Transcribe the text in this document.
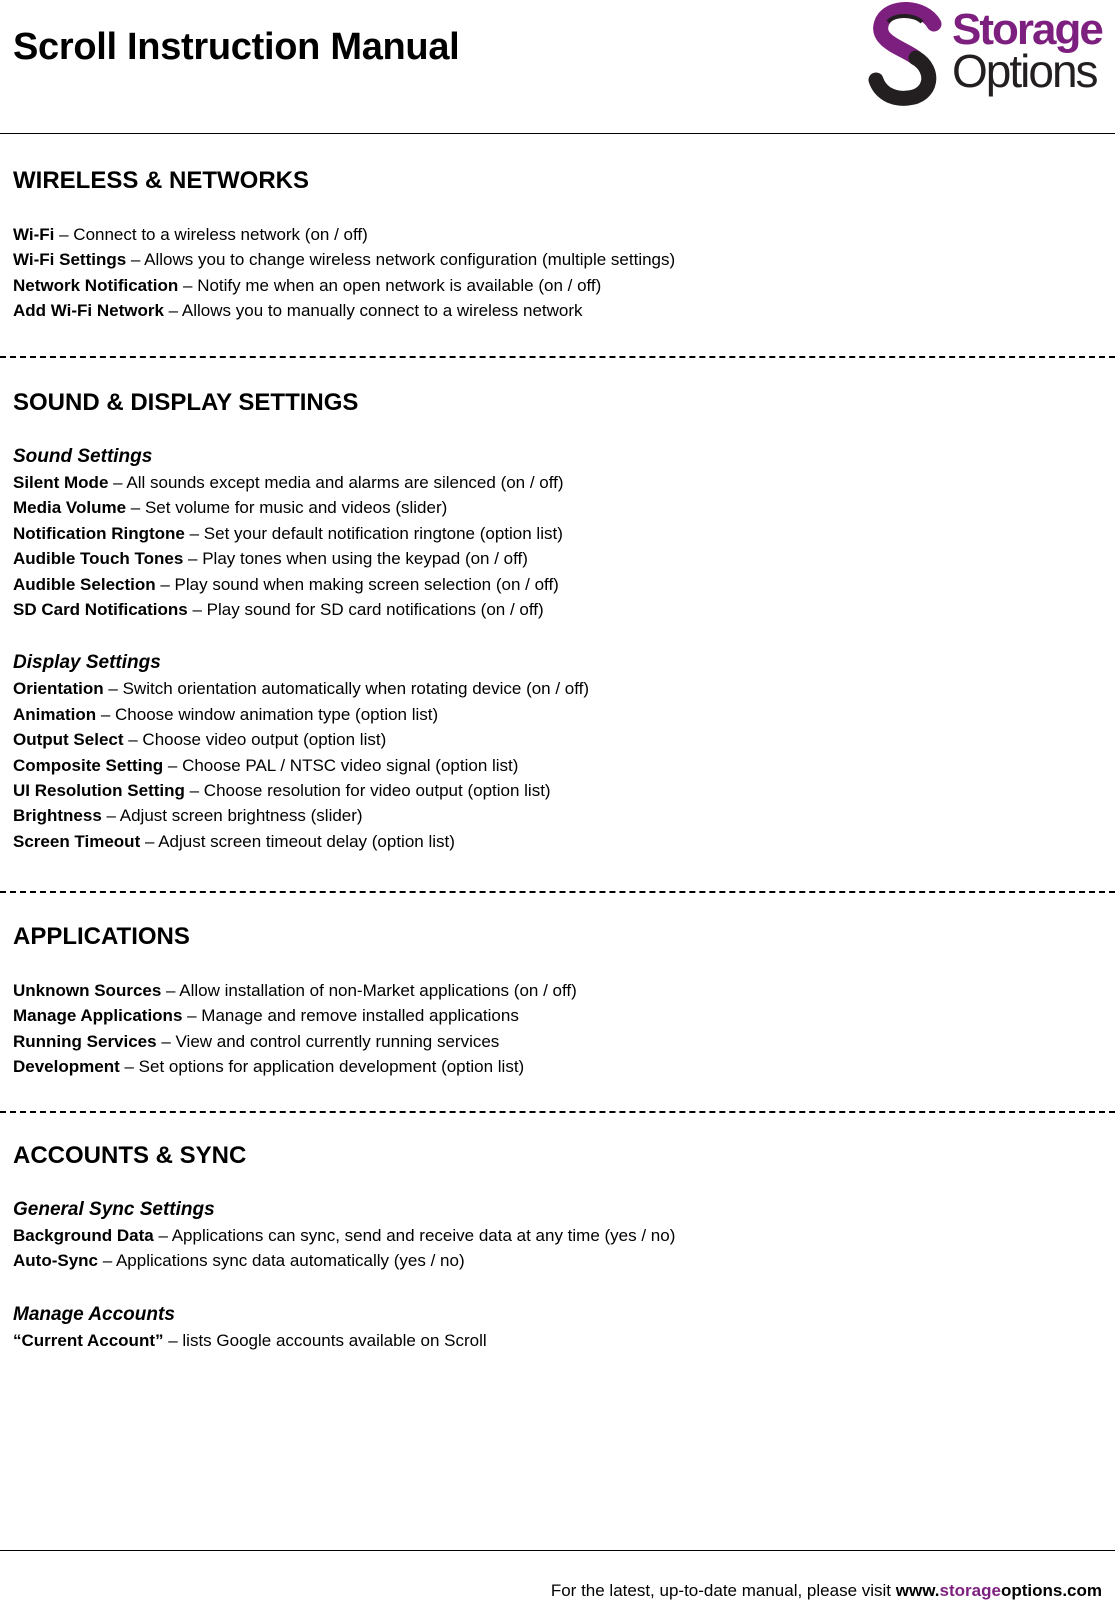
Scroll Instruction Manual	Storage
Options
WIRELESS & NETWORKS
Wi-Fi – Connect to a wireless network (on / off)
Wi-Fi Settings – Allows you to change wireless network configuration (multiple settings)
Network Notification – Notify me when an open network is available (on / off)
Add Wi-Fi Network – Allows you to manually connect to a wireless network
SOUND & DISPLAY SETTINGS
Sound Settings
Silent Mode – All sounds except media and alarms are silenced (on / off)
Media Volume – Set volume for music and videos (slider)
Notification Ringtone – Set your default notification ringtone (option list)
Audible Touch Tones – Play tones when using the keypad (on / off)
Audible Selection – Play sound when making screen selection (on / off)
SD Card Notifications – Play sound for SD card notifications (on / off)
Display Settings
Orientation – Switch orientation automatically when rotating device (on / off)
Animation – Choose window animation type (option list)
Output Select – Choose video output (option list)
Composite Setting – Choose PAL / NTSC video signal (option list)
UI Resolution Setting – Choose resolution for video output (option list)
Brightness – Adjust screen brightness (slider)
Screen Timeout – Adjust screen timeout delay (option list)
APPLICATIONS
Unknown Sources – Allow installation of non-Market applications (on / off)
Manage Applications – Manage and remove installed applications
Running Services – View and control currently running services
Development – Set options for application development (option list)
ACCOUNTS & SYNC
General Sync Settings
Background Data – Applications can sync, send and receive data at any time (yes / no)
Auto-Sync – Applications sync data automatically (yes / no)
Manage Accounts
“Current Account” – lists Google accounts available on Scroll
For the latest, up-to-date manual, please visit www.storageoptions.com
